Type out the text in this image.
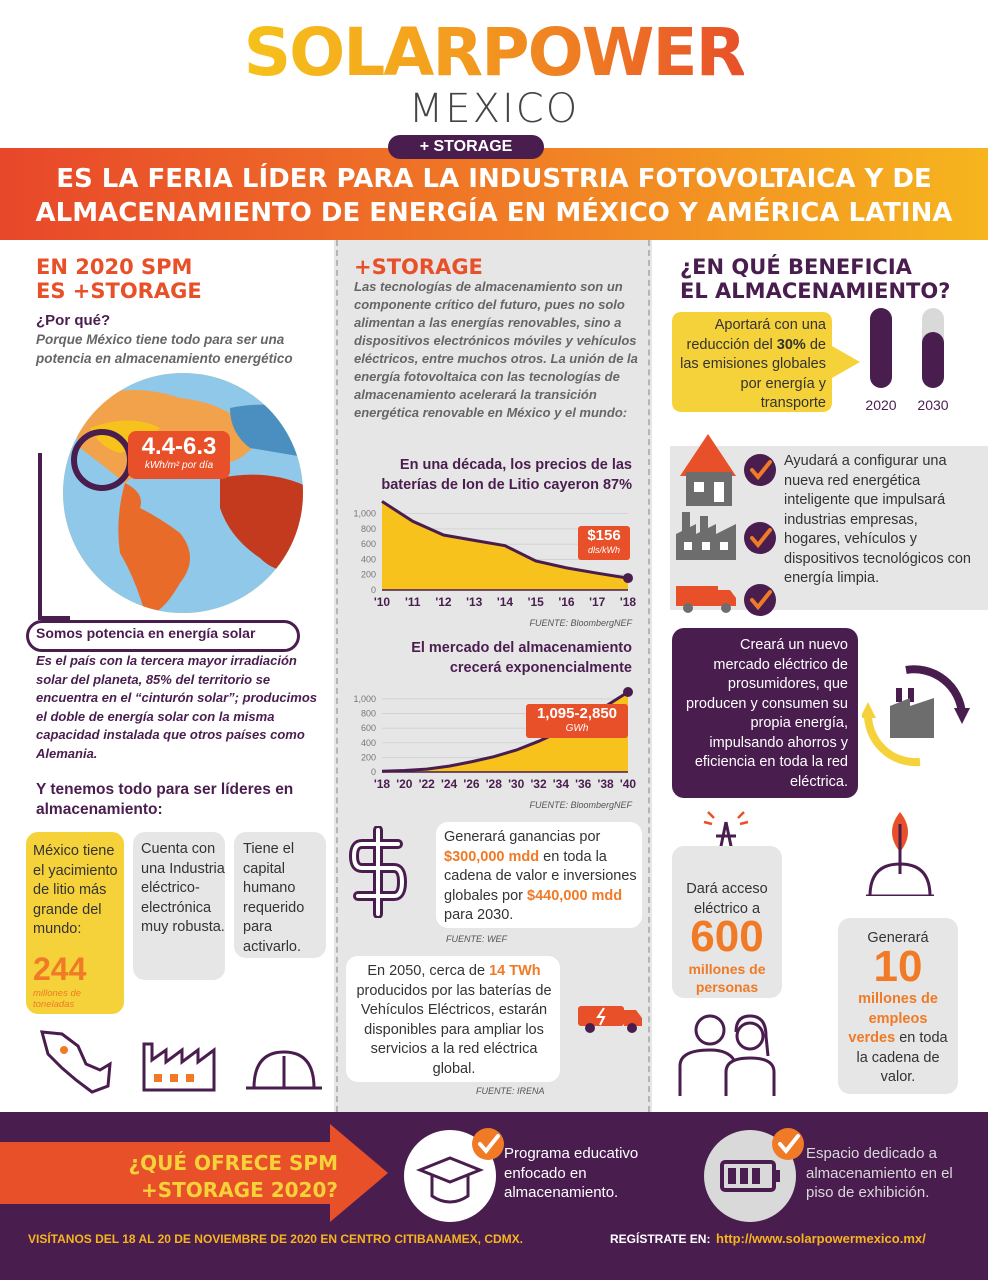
SOLARPOWER
MEXICO
+ STORAGE
ES LA FERIA LÍDER PARA LA INDUSTRIA FOTOVOLTAICA Y DE
ALMACENAMIENTO DE ENERGÍA EN MÉXICO Y AMÉRICA LATINA
EN 2020 SPM
ES +STORAGE
¿Por qué?
Porque México tiene todo para ser una potencia en almacenamiento energético
4.4-6.3
kWh/m² por día
Somos potencia en energía solar
Es el país con la tercera mayor irradiación solar del planeta, 85% del territorio se encuentra en el “cinturón solar”; producimos el doble de energía solar con la misma capacidad instalada que otros países como Alemania.
Y tenemos todo para ser líderes en almacenamiento:
México tiene el yacimiento de litio más grande del mundo:
244
millones de toneladas
Cuenta con una Industria eléctrico-electrónica muy robusta.
Tiene el capital humano requerido para activarlo.
+STORAGE
Las tecnologías de almacenamiento son un componente crítico del futuro, pues no solo alimentan a las energías renovables, sino a dispositivos electrónicos móviles y vehículos eléctricos, entre muchos otros. La unión de la energía fotovoltaica con las tecnologías de almacenamiento acelerará la transición energética renovable en México y el mundo:
En una década, los precios de las
baterías de Ion de Litio cayeron 87%
0
200
400
600
800
1,000
'10 '11 '12 '13 '14 '15 '16 '17 '18
$156
dls/kWh
FUENTE: BloombergNEF
El mercado del almacenamiento
crecerá exponencialmente
0
200
400
600
800
1,000
'18 '20 '22 '24 '26 '28 '30 '32 '34 '36 '38 '40
1,095-2,850
GWh
FUENTE: BloombergNEF
Generará ganancias por $300,000 mdd en toda la cadena de valor e inversiones globales por $440,000 mdd para 2030.
FUENTE: WEF
En 2050, cerca de 14 TWh producidos por las baterías de Vehículos Eléctricos, estarán disponibles para ampliar los servicios a la red eléctrica global.
FUENTE: IRENA
¿EN QUÉ BENEFICIA
EL ALMACENAMIENTO?
Aportará con una reducción del 30% de las emisiones globales por energía y transporte	2020 2030
Ayudará a configurar una nueva red energética inteligente que impulsará industrias empresas, hogares, vehículos y dispositivos tecnológicos con energía limpia.
Creará un nuevo mercado eléctrico de prosumidores, que producen y consumen su propia energía, impulsando ahorros y eficiencia en toda la red eléctrica.
Dará acceso eléctrico a
600
millones de personas
Generará
10
millones de empleos verdes en toda la cadena de valor.
¿QUÉ OFRECE SPM
+STORAGE 2020?
Programa educativo enfocado en almacenamiento.
Espacio dedicado a almacenamiento en el piso de exhibición.
VISÍTANOS DEL 18 AL 20 DE NOVIEMBRE DE 2020 EN CENTRO CITIBANAMEX, CDMX.	REGÍSTRATE EN: http://www.solarpowermexico.mx/
